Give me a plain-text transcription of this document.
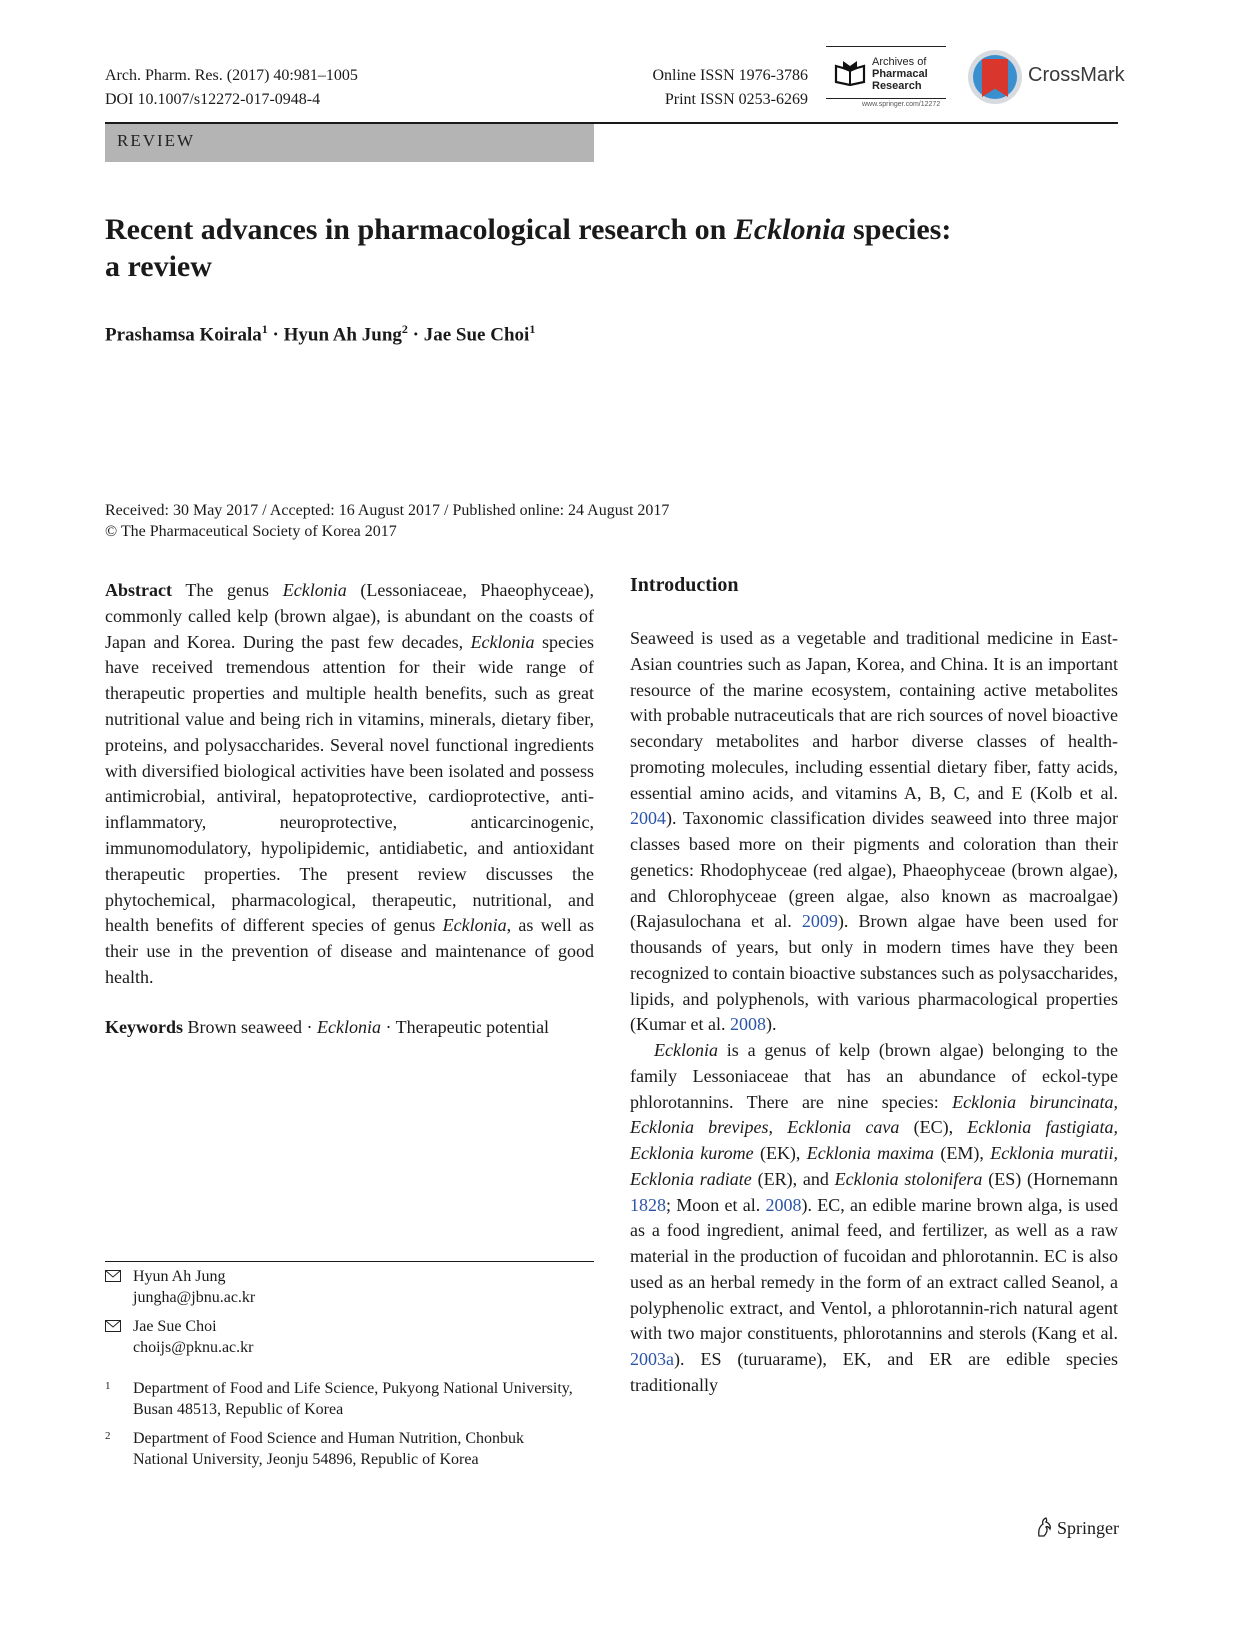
Arch. Pharm. Res. (2017) 40:981–1005
DOI 10.1007/s12272-017-0948-4
Online ISSN 1976-3786
Print ISSN 0253-6269
Archives of
Pharmacal
Research
www.springer.com/12272
CrossMark
REVIEW
Recent advances in pharmacological research on Ecklonia species:
a review
Prashamsa Koirala$^1$ · Hyun Ah Jung$^2$ · Jae Sue Choi$^1$
Received: 30 May 2017 / Accepted: 16 August 2017 / Published online: 24 August 2017
© The Pharmaceutical Society of Korea 2017

Abstract The genus Ecklonia (Lessoniaceae, Phaeophyceae), commonly called kelp (brown algae), is abundant on the coasts of Japan and Korea. During the past few decades, Ecklonia species have received tremendous attention for their wide range of therapeutic properties and multiple health benefits, such as great nutritional value and being rich in vitamins, minerals, dietary fiber, proteins, and polysaccharides. Several novel functional ingredients with diversified biological activities have been isolated and possess antimicrobial, antiviral, hepatoprotective, cardioprotective, anti-inflammatory, neuroprotective, anticarcinogenic, immunomodulatory, hypolipidemic, antidiabetic, and antioxidant therapeutic properties. The present review discusses the phytochemical, pharmacological, therapeutic, nutritional, and health benefits of different species of genus Ecklonia, as well as their use in the prevention of disease and maintenance of good health.

Keywords Brown seaweed · Ecklonia · Therapeutic potential

Hyun Ah Jung
jungha@jbnu.ac.kr
Jae Sue Choi
choijs@pknu.ac.kr
1 Department of Food and Life Science, Pukyong National University, Busan 48513, Republic of Korea
2 Department of Food Science and Human Nutrition, Chonbuk National University, Jeonju 54896, Republic of Korea
Introduction

Seaweed is used as a vegetable and traditional medicine in East-Asian countries such as Japan, Korea, and China. It is an important resource of the marine ecosystem, containing active metabolites with probable nutraceuticals that are rich sources of novel bioactive secondary metabolites and harbor diverse classes of health-promoting molecules, including essential dietary fiber, fatty acids, essential amino acids, and vitamins A, B, C, and E (Kolb et al. 2004). Taxonomic classification divides seaweed into three major classes based more on their pigments and coloration than their genetics: Rhodophyceae (red algae), Phaeophyceae (brown algae), and Chlorophyceae (green algae, also known as macroalgae) (Rajasulochana et al. 2009). Brown algae have been used for thousands of years, but only in modern times have they been recognized to contain bioactive substances such as polysaccharides, lipids, and polyphenols, with various pharmacological properties (Kumar et al. 2008).

Ecklonia is a genus of kelp (brown algae) belonging to the family Lessoniaceae that has an abundance of eckol-type phlorotannins. There are nine species: Ecklonia biruncinata, Ecklonia brevipes, Ecklonia cava (EC), Ecklonia fastigiata, Ecklonia kurome (EK), Ecklonia maxima (EM), Ecklonia muratii, Ecklonia radiate (ER), and Ecklonia stolonifera (ES) (Hornemann 1828; Moon et al. 2008). EC, an edible marine brown alga, is used as a food ingredient, animal feed, and fertilizer, as well as a raw material in the production of fucoidan and phlorotannin. EC is also used as an herbal remedy in the form of an extract called Seanol, a polyphenolic extract, and Ventol, a phlorotannin-rich natural agent with two major constituents, phlorotannins and sterols (Kang et al. 2003a). ES (turuarame), EK, and ER are edible species traditionally

Springer
